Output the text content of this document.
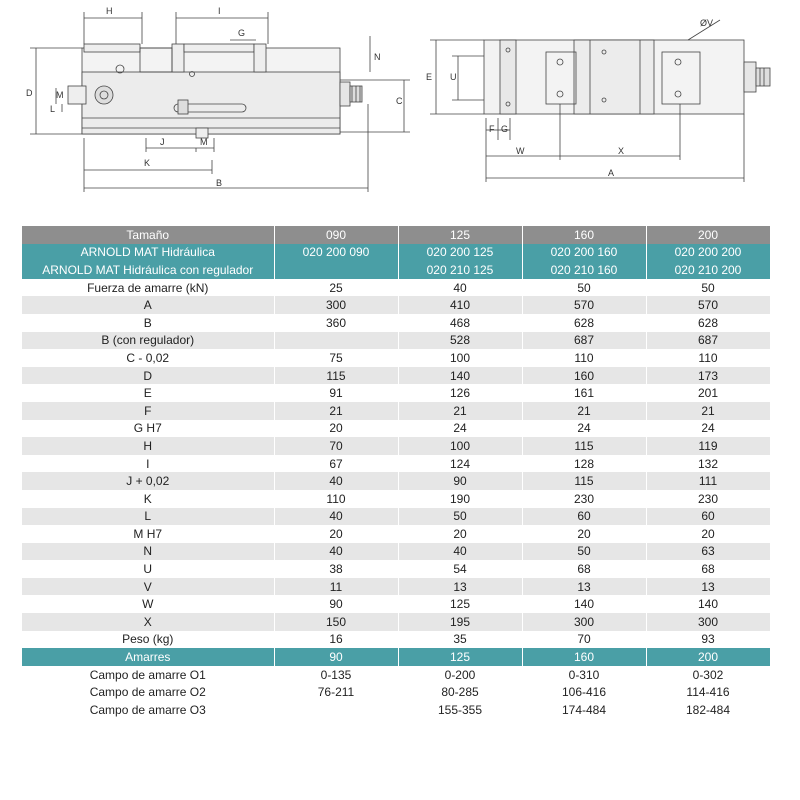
H	I
G
N
D
L
M
C
J	M
K
B
E U
ØV
F G
W	X
A
Tamaño	090	125	160	200
ARNOLD MAT Hidráulica	020 200 090	020 200 125	020 200 160	020 200 200
ARNOLD MAT Hidráulica con regulador		020 210 125	020 210 160	020 210 200
Fuerza de amarre (kN)	25	40	50	50
A	300	410	570	570
B	360	468	628	628
B (con regulador)		528	687	687
C - 0,02	75	100	110	110
D	115	140	160	173
E	91	126	161	201
F	21	21	21	21
G H7	20	24	24	24
H	70	100	115	119
I	67	124	128	132
J + 0,02	40	90	115	111
K	110	190	230	230
L	40	50	60	60
M H7	20	20	20	20
N	40	40	50	63
U	38	54	68	68
V	11	13	13	13
W	90	125	140	140
X	150	195	300	300
Peso (kg)	16	35	70	93
Amarres	90	125	160	200
Campo de amarre O1	0-135	0-200	0-310	0-302
Campo de amarre O2	76-211	80-285	106-416	114-416
Campo de amarre O3		155-355	174-484	182-484
